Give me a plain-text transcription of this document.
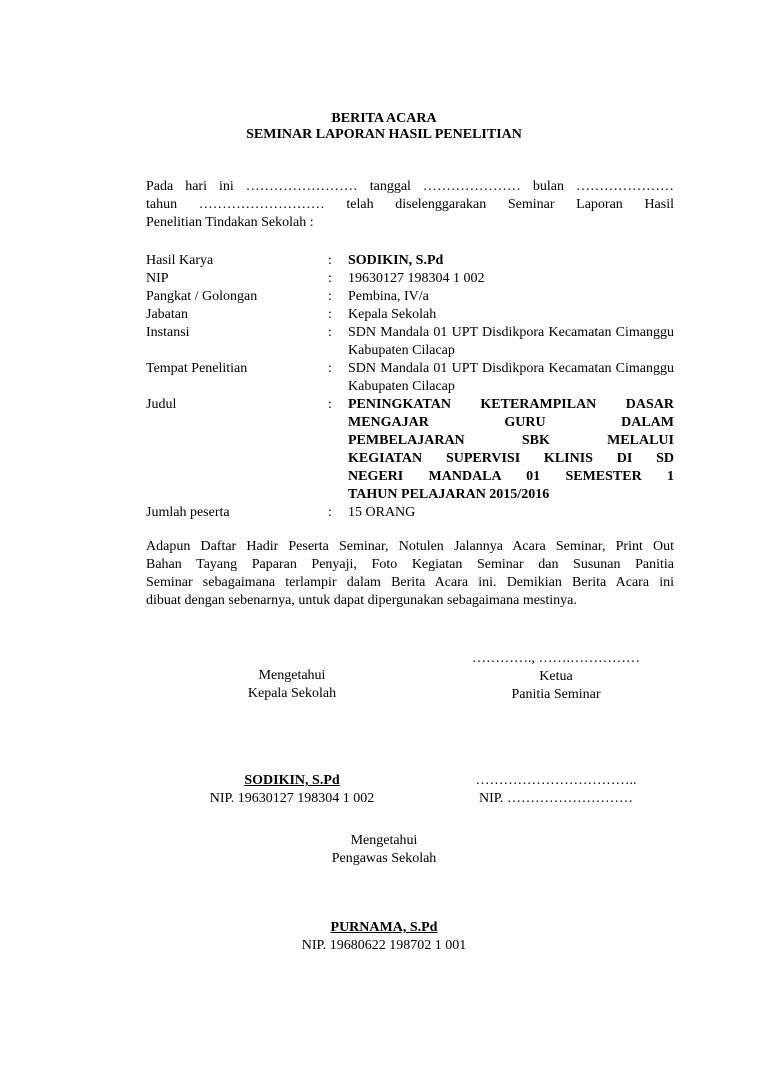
BERITA ACARA
SEMINAR LAPORAN HASIL PENELITIAN
Pada hari ini …………………… tanggal ………………… bulan …………………
tahun ……………………… telah diselenggarakan Seminar Laporan Hasil
Penelitian Tindakan Sekolah :
Hasil Karya	:	SODIKIN, S.Pd
NIP	:	19630127 198304 1 002
Pangkat / Golongan	:	Pembina, IV/a
Jabatan	:	Kepala Sekolah
Instansi	:	SDN Mandala 01 UPT Disdikpora Kecamatan Cimanggu Kabupaten Cilacap
Tempat Penelitian	:	SDN Mandala 01 UPT Disdikpora Kecamatan Cimanggu Kabupaten Cilacap
Judul	:	PENINGKATAN KETERAMPILAN DASAR
MENGAJAR GURU DALAM
PEMBELAJARAN SBK MELALUI
KEGIATAN SUPERVISI KLINIS DI SD
NEGERI MANDALA 01 SEMESTER 1
TAHUN PELAJARAN 2015/2016
Jumlah peserta	:	15 ORANG
Adapun Daftar Hadir Peserta Seminar, Notulen Jalannya Acara Seminar, Print Out
Bahan Tayang Paparan Penyaji, Foto Kegiatan Seminar dan Susunan Panitia
Seminar sebagaimana terlampir dalam Berita Acara ini. Demikian Berita Acara ini
dibuat dengan sebenarnya, untuk dapat dipergunakan sebagaimana mestinya.
Mengetahui
Kepala Sekolah
…………., …….……………
Ketua
Panitia Seminar
SODIKIN, S.Pd
NIP. 19630127 198304 1 002
……………………………..
NIP. ………………………
Mengetahui
Pengawas Sekolah
PURNAMA, S.Pd
NIP. 19680622 198702 1 001
